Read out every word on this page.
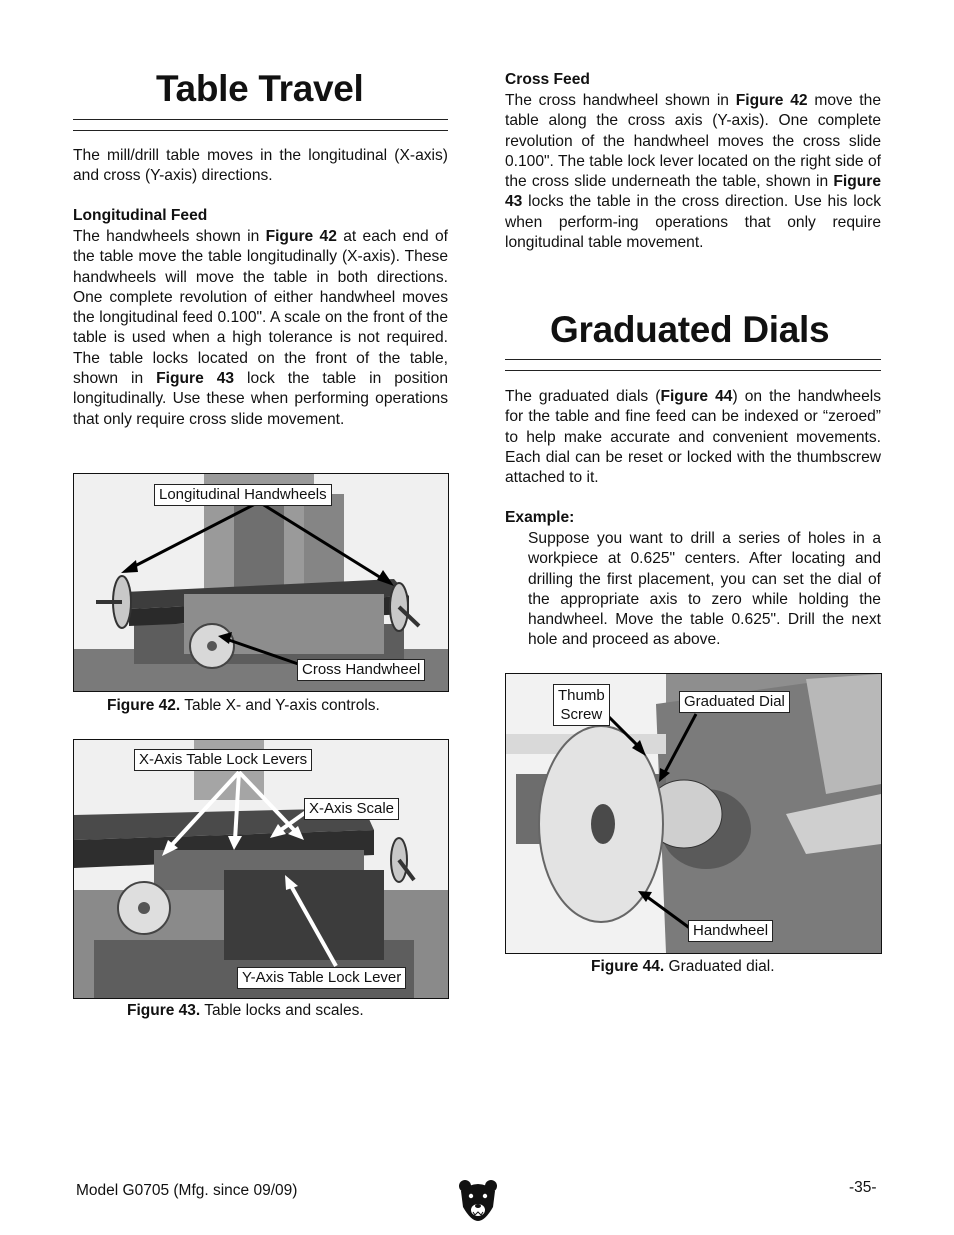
Table Travel

The mill/drill table moves in the longitudinal (X-axis) and cross (Y-axis) directions.

Longitudinal Feed

The handwheels shown in Figure 42 at each end of the table move the table longitudinally (X-axis). These handwheels will move the table in both directions. One complete revolution of either handwheel moves the longitudinal feed 0.100". A scale on the front of the table is used when a high tolerance is not required. The table locks located on the front of the table, shown in Figure 43 lock the table in position longitudinally. Use these when performing operations that only require cross slide movement.

Longitudinal Handwheels
Cross Handwheel
Figure 42. Table X- and Y-axis controls.
X-Axis Table Lock Levers
X-Axis Scale
Y-Axis Table Lock Lever
Figure 43. Table locks and scales.

Cross Feed

The cross handwheel shown in Figure 42 move the table along the cross axis (Y-axis). One complete revolution of the handwheel moves the cross slide 0.100". The table lock lever located on the right side of the cross slide underneath the table, shown in Figure 43 locks the table in the cross direction. Use his lock when perform-ing operations that only require longitudinal table movement.

Graduated Dials

The graduated dials (Figure 44) on the handwheels for the table and fine feed can be indexed or “zeroed” to help make accurate and convenient movements. Each dial can be reset or locked with the thumbscrew attached to it.

Example:

Suppose you want to drill a series of holes in a workpiece at 0.625" centers. After locating and drilling the first placement, you can set the dial of the appropriate axis to zero while holding the handwheel. Move the table 0.625". Drill the next hole and proceed as above.

Thumb
Screw
Graduated Dial
Handwheel
Figure 44. Graduated dial.
Model G0705 (Mfg. since 09/09)	-35-
